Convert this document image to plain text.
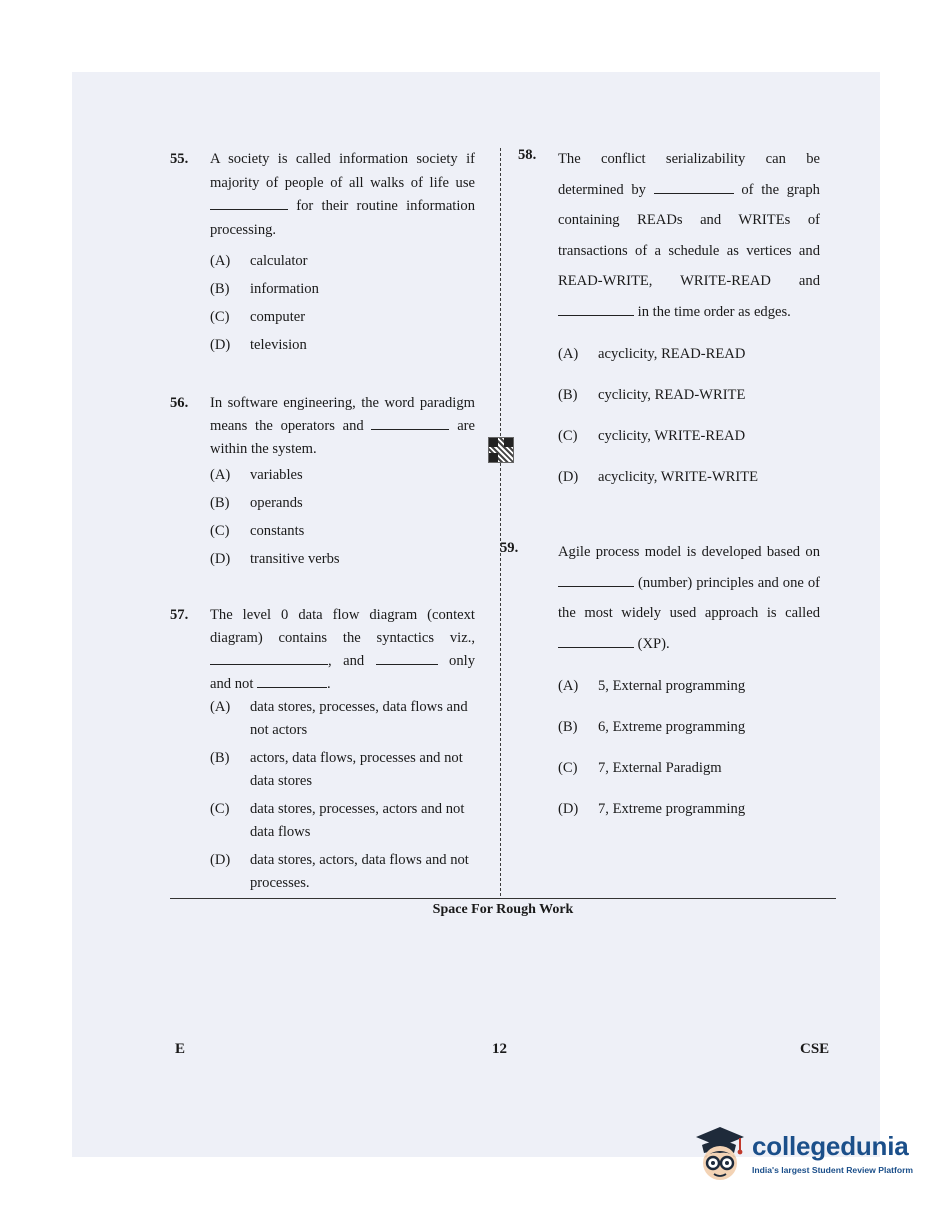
55. A society is called information society if majority of people of all walks of life use  for their routine information processing.
(A)	calculator
(B)	information
(C)	computer
(D)	television
56. In software engineering, the word paradigm means the operators and	are within the system.
(A)	variables
(B)	operands
(C)	constants
(D)	transitive verbs
57. The level 0 data flow diagram (context diagram) contains the syntactics viz., , and	only and not	.
(A)	data stores, processes, data flows and not actors
(B)	actors, data flows, processes and not data stores
(C)	data stores, processes, actors and not data flows
(D)	data stores, actors, data flows and not processes.
58. The conflict serializability can be determined by	of the graph containing READs and WRITEs of transactions of a schedule as vertices and READ-WRITE, WRITE-READ and  in the time order as edges.
(A)	acyclicity, READ-READ
(B)	cyclicity, READ-WRITE
(C)	cyclicity, WRITE-READ
(D)	acyclicity, WRITE-WRITE
59.	Agile process model is developed based on  (number) principles and one of the most widely used approach is called  (XP).
(A)	5, External programming
(B)	6, Extreme programming
(C)	7, External Paradigm
(D)	7, Extreme programming
Space For Rough Work
E	12	CSE
collegedunia
India's largest Student Review Platform
